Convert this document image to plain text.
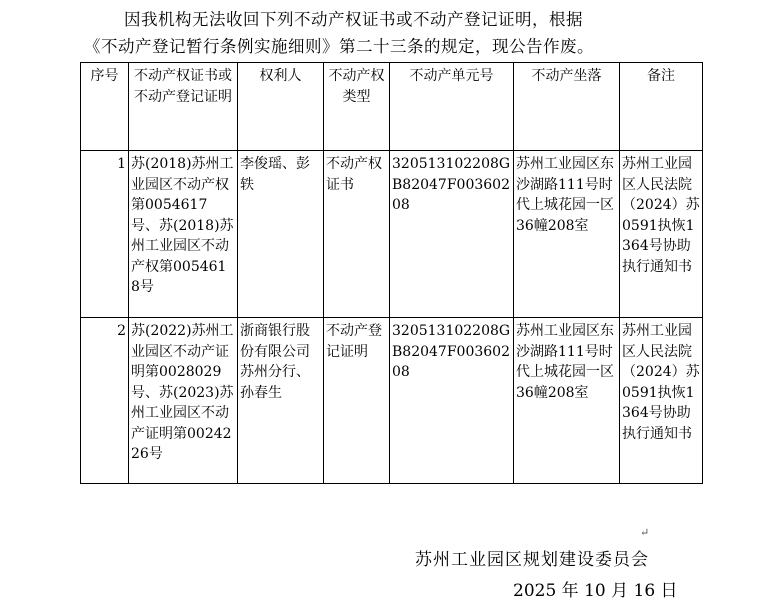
因我机构无法收回下列不动产权证书或不动产登记证明，根据
《不动产登记暂行条例实施细则》第二十三条的规定，现公告作废。
序号	不动产权证书或不动产登记证明	权利人	不动产权类型	不动产单元号	不动产坐落	备注
1	苏(2018)苏州工业园区不动产权第0054617号、苏(2018)苏州工业园区不动产权第0054618号	李俊瑶、彭轶	不动产权证书	320513102208GB82047F00360208	苏州工业园区东沙湖路111号时代上城花园一区36幢208室	苏州工业园区人民法院（2024）苏0591执恢1364号协助执行通知书
2	苏(2022)苏州工业园区不动产证明第0028029号、苏(2023)苏州工业园区不动产证明第0024226号	浙商银行股份有限公司苏州分行、孙春生	不动产登记证明	320513102208GB82047F00360208	苏州工业园区东沙湖路111号时代上城花园一区36幢208室	苏州工业园区人民法院（2024）苏0591执恢1364号协助执行通知书
↵
苏州工业园区规划建设委员会
2025 年 10 月 16 日
